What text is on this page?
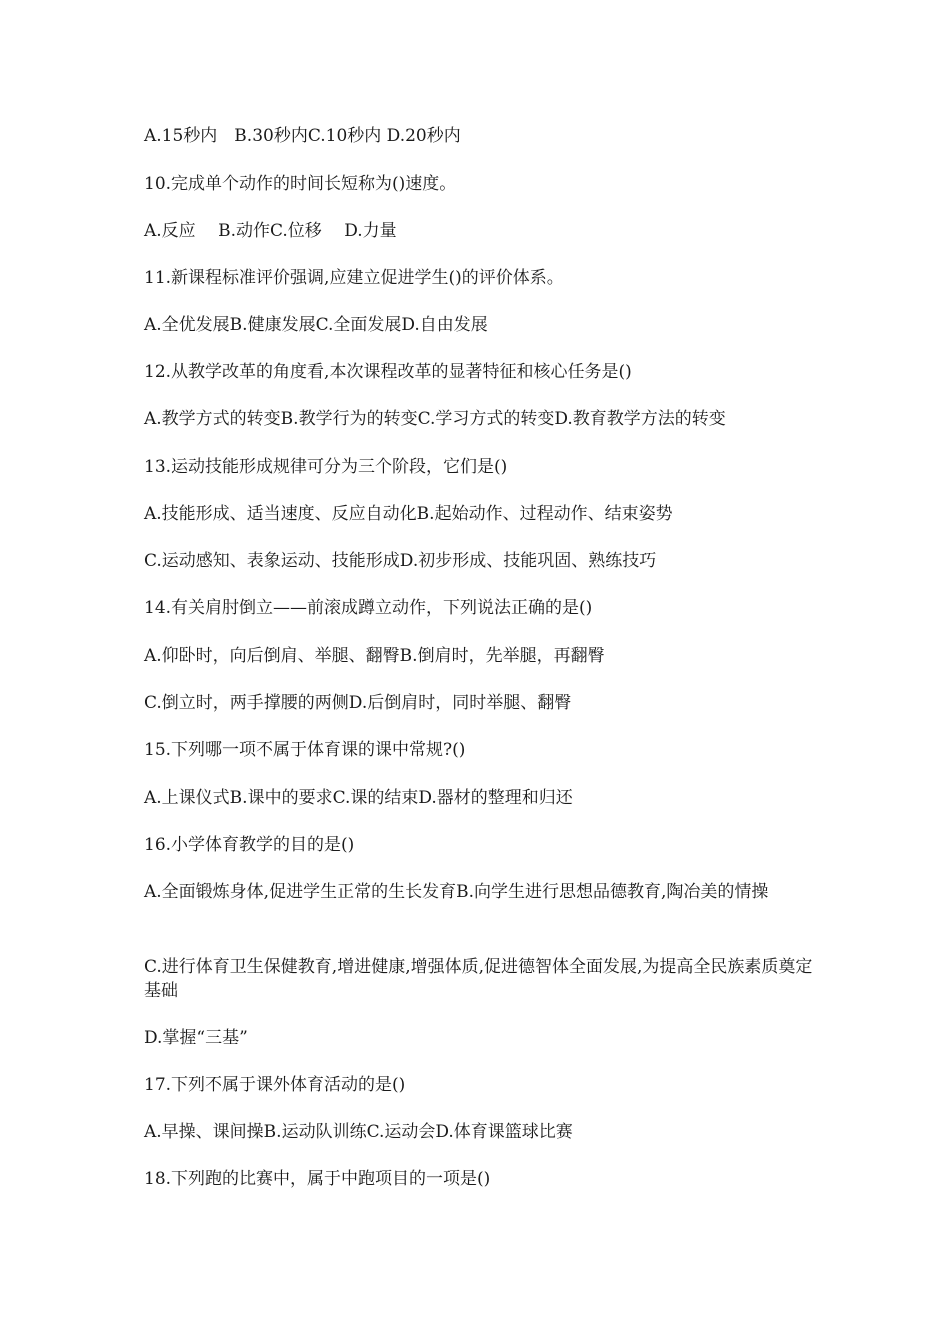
A.15秒内　B.30秒内C.10秒内 D.20秒内
10.完成单个动作的时间长短称为()速度。
A.反应　 B.动作C.位移　 D.力量
11.新课程标准评价强调,应建立促进学生()的评价体系。
A.全优发展B.健康发展C.全面发展D.自由发展
12.从教学改革的角度看,本次课程改革的显著特征和核心任务是()
A.教学方式的转变B.教学行为的转变C.学习方式的转变D.教育教学方法的转变
13.运动技能形成规律可分为三个阶段，它们是()
A.技能形成、适当速度、反应自动化B.起始动作、过程动作、结束姿势
C.运动感知、表象运动、技能形成D.初步形成、技能巩固、熟练技巧
14.有关肩肘倒立——前滚成蹲立动作，下列说法正确的是()
A.仰卧时，向后倒肩、举腿、翻臀B.倒肩时，先举腿，再翻臀
C.倒立时，两手撑腰的两侧D.后倒肩时，同时举腿、翻臀
15.下列哪一项不属于体育课的课中常规?()
A.上课仪式B.课中的要求C.课的结束D.器材的整理和归还
16.小学体育教学的目的是()
A.全面锻炼身体,促进学生正常的生长发育B.向学生进行思想品德教育,陶冶美的情操
C.进行体育卫生保健教育,增进健康,增强体质,促进德智体全面发展,为提高全民族素质奠定基础
D.掌握“三基”
17.下列不属于课外体育活动的是()
A.早操、课间操B.运动队训练C.运动会D.体育课篮球比赛
18.下列跑的比赛中，属于中跑项目的一项是()
